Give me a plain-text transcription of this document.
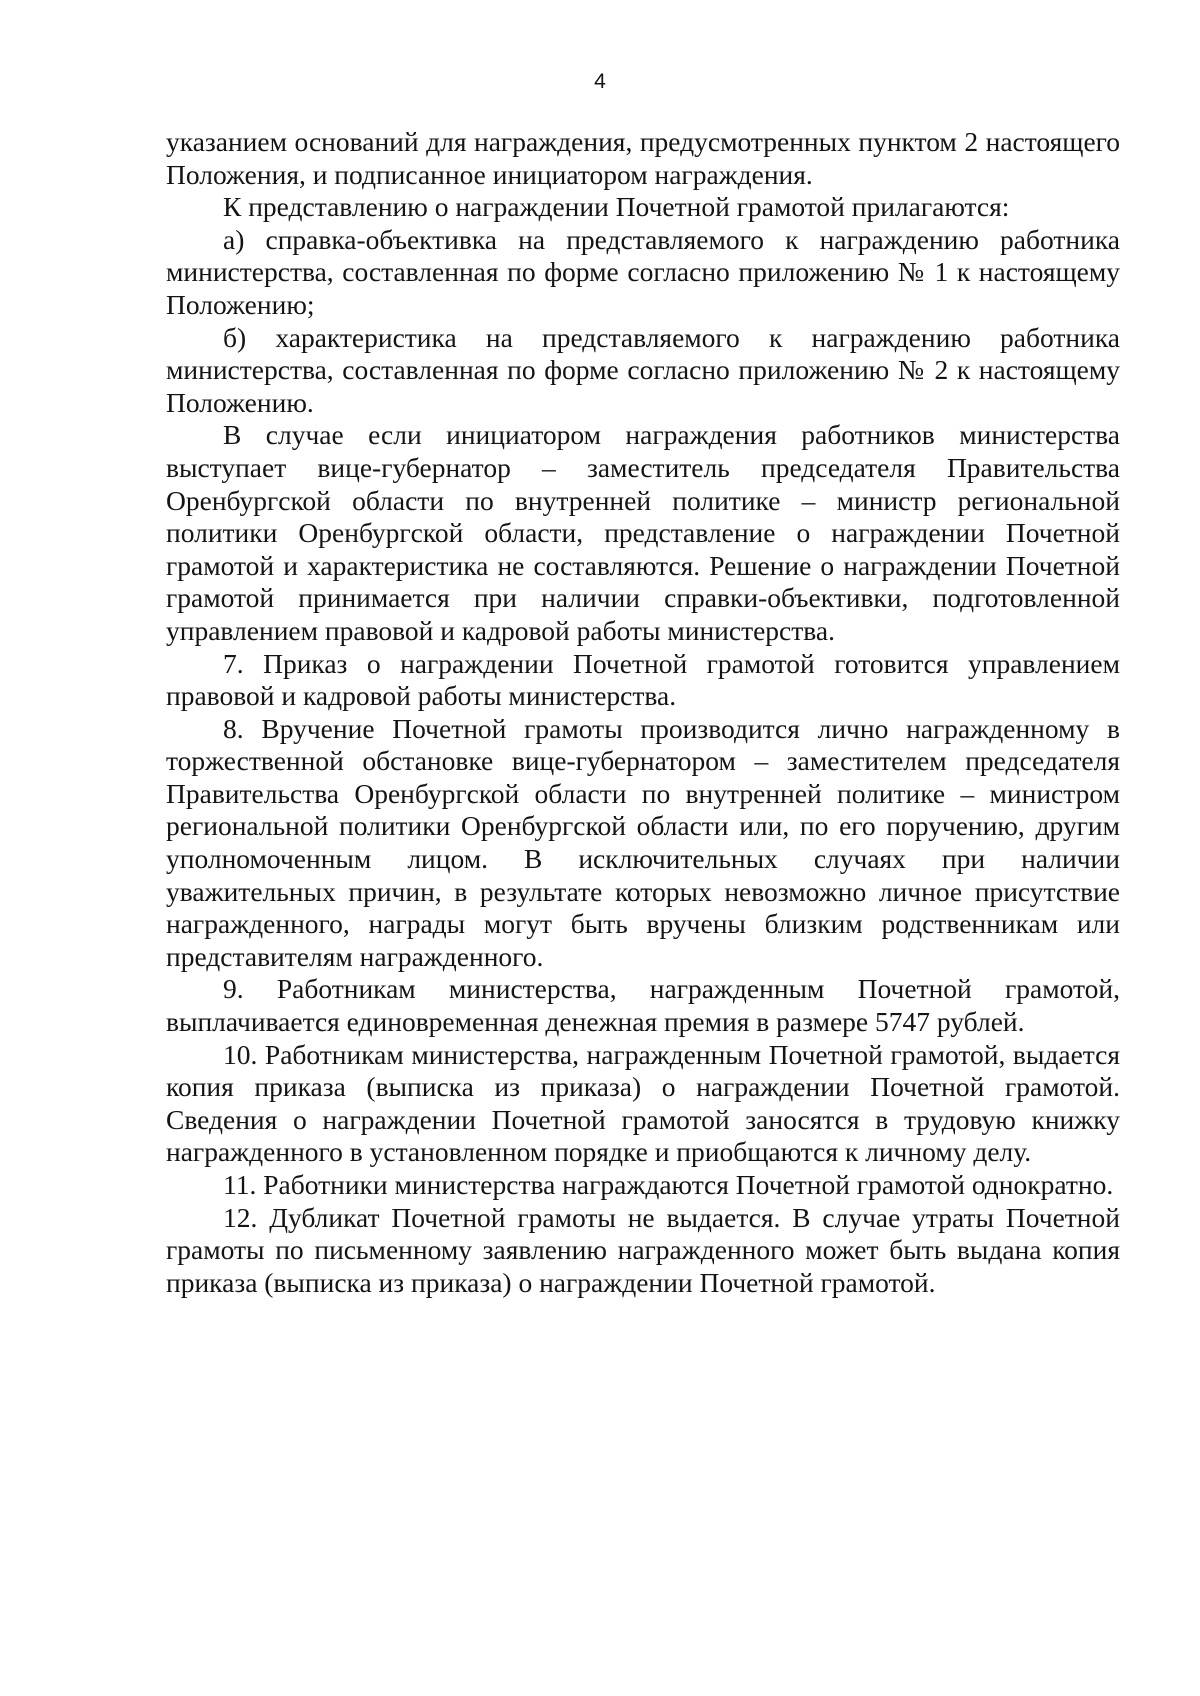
4

указанием оснований для награждения, предусмотренных пунктом 2 настоящего Положения, и подписанное инициатором награждения.

К представлению о награждении Почетной грамотой прилагаются:

а) справка-объективка на представляемого к награждению работника министерства, составленная по форме согласно приложению № 1 к настоящему Положению;

б) характеристика на представляемого к награждению работника министерства, составленная по форме согласно приложению № 2 к настоящему Положению.

В случае если инициатором награждения работников министерства выступает вице-губернатор – заместитель председателя Правительства Оренбургской области по внутренней политике – министр региональной политики Оренбургской области, представление о награждении Почетной грамотой и характеристика не составляются. Решение о награждении Почетной грамотой принимается при наличии справки-объективки, подготовленной управлением правовой и кадровой работы министерства.

7. Приказ о награждении Почетной грамотой готовится управлением правовой и кадровой работы министерства.

8. Вручение Почетной грамоты производится лично награжденному в торжественной обстановке вице-губернатором – заместителем председателя Правительства Оренбургской области по внутренней политике – министром региональной политики Оренбургской области или, по его поручению, другим уполномоченным лицом. В исключительных случаях при наличии уважительных причин, в результате которых невозможно личное присутствие награжденного, награды могут быть вручены близким родственникам или представителям награжденного.

9. Работникам министерства, награжденным Почетной грамотой, выплачивается единовременная денежная премия в размере 5747 рублей.

10. Работникам министерства, награжденным Почетной грамотой, выдается копия приказа (выписка из приказа) о награждении Почетной грамотой. Сведения о награждении Почетной грамотой заносятся в трудовую книжку награжденного в установленном порядке и приобщаются к личному делу.

11. Работники министерства награждаются Почетной грамотой однократно.

12. Дубликат Почетной грамоты не выдается. В случае утраты Почетной грамоты по письменному заявлению награжденного может быть выдана копия приказа (выписка из приказа) о награждении Почетной грамотой.
